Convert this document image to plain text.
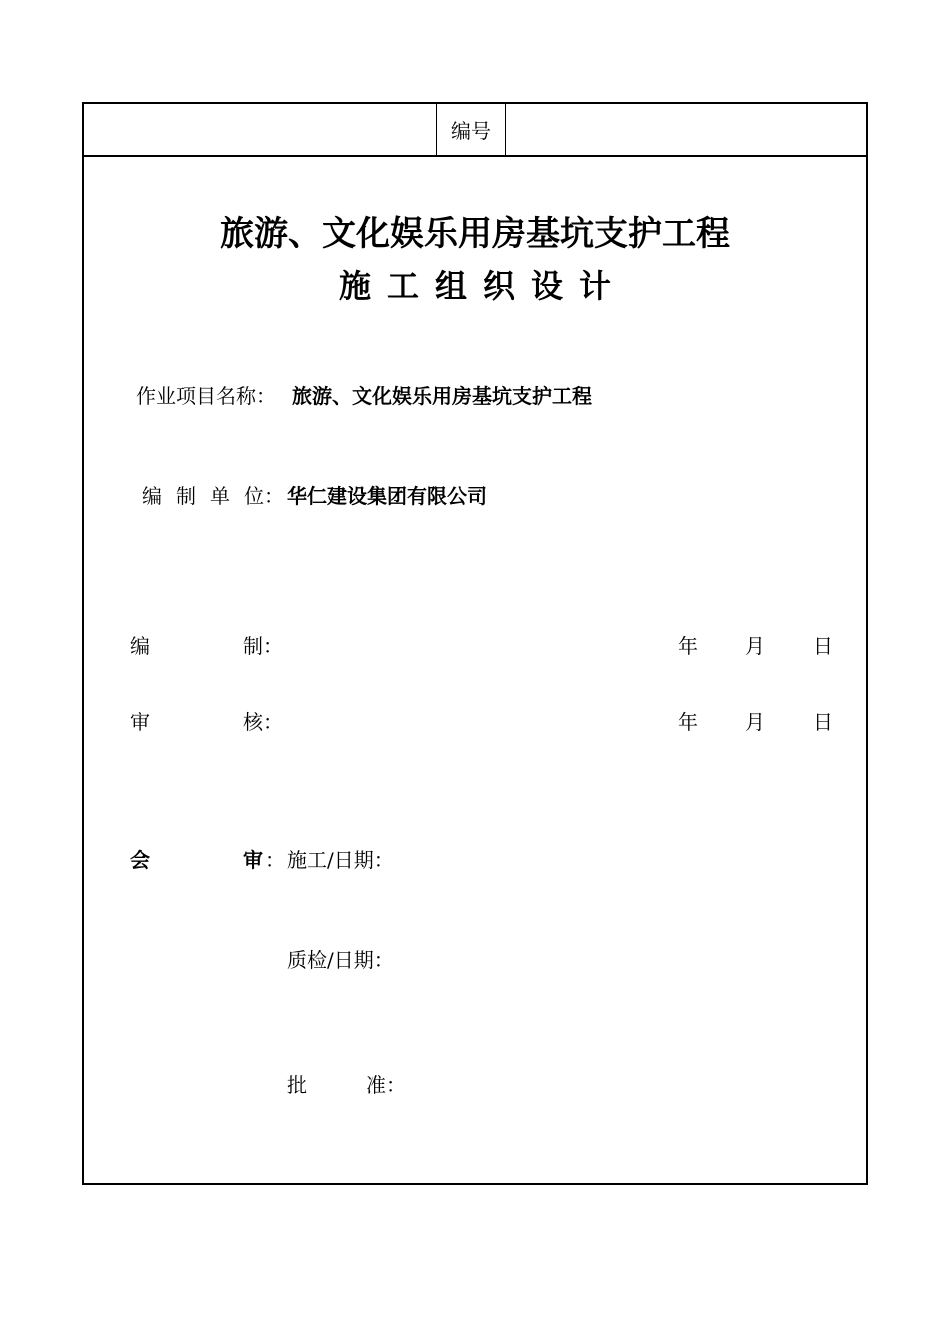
编号
旅游、文化娱乐用房基坑支护工程
施工组织设计
作业项目名称： 旅游、文化娱乐用房基坑支护工程
编 制 单 位： 华仁建设集团有限公司
编	制：	年 月 日
审	核：	年 月 日
会	审 ： 施工/日期：
质检/日期：
批	准：
